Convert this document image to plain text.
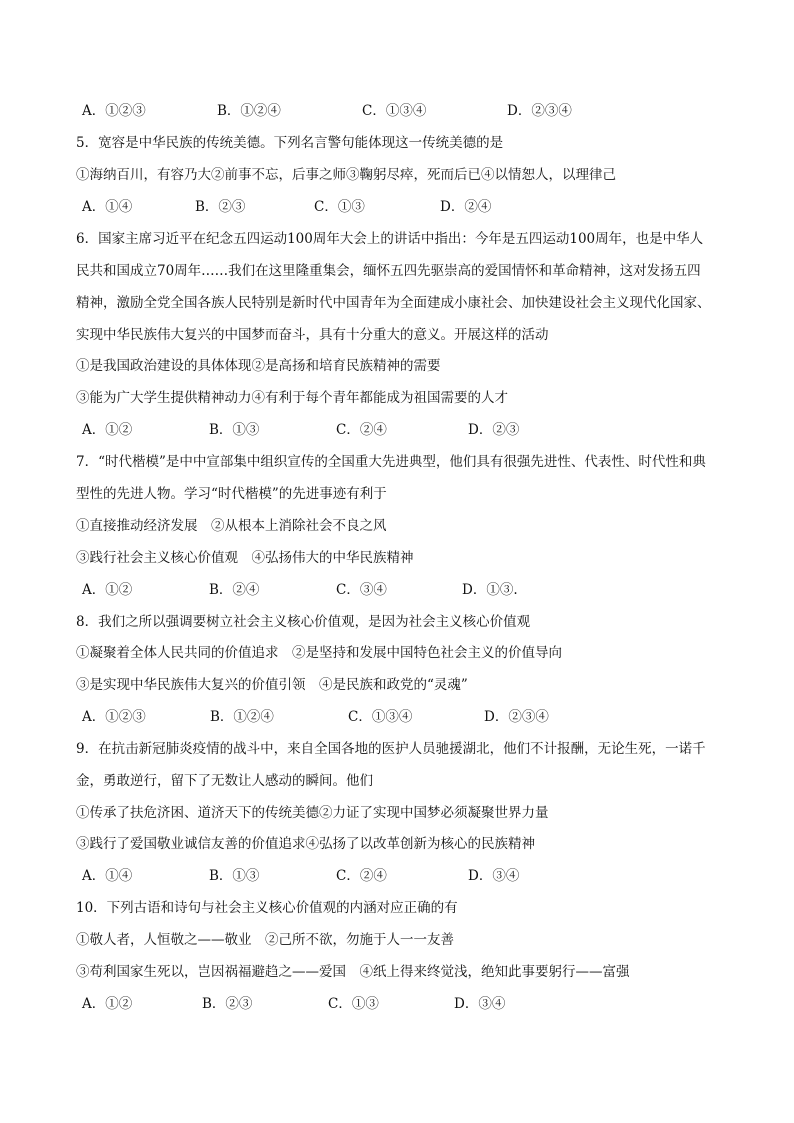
A．①②③	B．①②④	C．①③④	D．②③④
5．宽容是中华民族的传统美德。下列名言警句能体现这一传统美德的是
①海纳百川，有容乃大②前事不忘，后事之师③鞠躬尽瘁，死而后已④以情恕人，以理律己
A．①④	B．②③	C．①③	D．②④
6．国家主席习近平在纪念五四运动100周年大会上的讲话中指出：今年是五四运动100周年，也是中华人
民共和国成立70周年……我们在这里隆重集会，缅怀五四先驱崇高的爱国情怀和革命精神，这对发扬五四
精神，激励全党全国各族人民特别是新时代中国青年为全面建成小康社会、加快建设社会主义现代化国家、
实现中华民族伟大复兴的中国梦而奋斗，具有十分重大的意义。开展这样的活动
①是我国政治建设的具体体现②是高扬和培育民族精神的需要
③能为广大学生提供精神动力④有利于每个青年都能成为祖国需要的人才
A．①②	B．①③	C．②④	D．②③
7．“时代楷模”是中中宣部集中组织宣传的全国重大先进典型，他们具有很强先进性、代表性、时代性和典
型性的先进人物。学习“时代楷模”的先进事迹有利于
①直接推动经济发展　②从根本上消除社会不良之风
③践行社会主义核心价值观　④弘扬伟大的中华民族精神
A．①②	B．②④	C．③④	D．①③.
8．我们之所以强调要树立社会主义核心价值观，是因为社会主义核心价值观
①凝聚着全体人民共同的价值追求　②是坚持和发展中国特色社会主义的价值导向
③是实现中华民族伟大复兴的价值引领　④是民族和政党的“灵魂”
A．①②③	B．①②④	C．①③④	D．②③④
9．在抗击新冠肺炎疫情的战斗中，来自全国各地的医护人员驰援湖北，他们不计报酬，无论生死，一诺千
金，勇敢逆行，留下了无数让人感动的瞬间。他们
①传承了扶危济困、道济天下的传统美德②力证了实现中国梦必须凝聚世界力量
③践行了爱国敬业诚信友善的价值追求④弘扬了以改革创新为核心的民族精神
A．①④	B．①③	C．②④	D．③④
10．下列古语和诗句与社会主义核心价值观的内涵对应正确的有
①敬人者，人恒敬之——敬业　②己所不欲，勿施于人一一友善
③苟利国家生死以，岂因祸福避趋之——爱国　④纸上得来终觉浅，绝知此事要躬行——富强
A．①②	B．②③	C．①③	D．③④
